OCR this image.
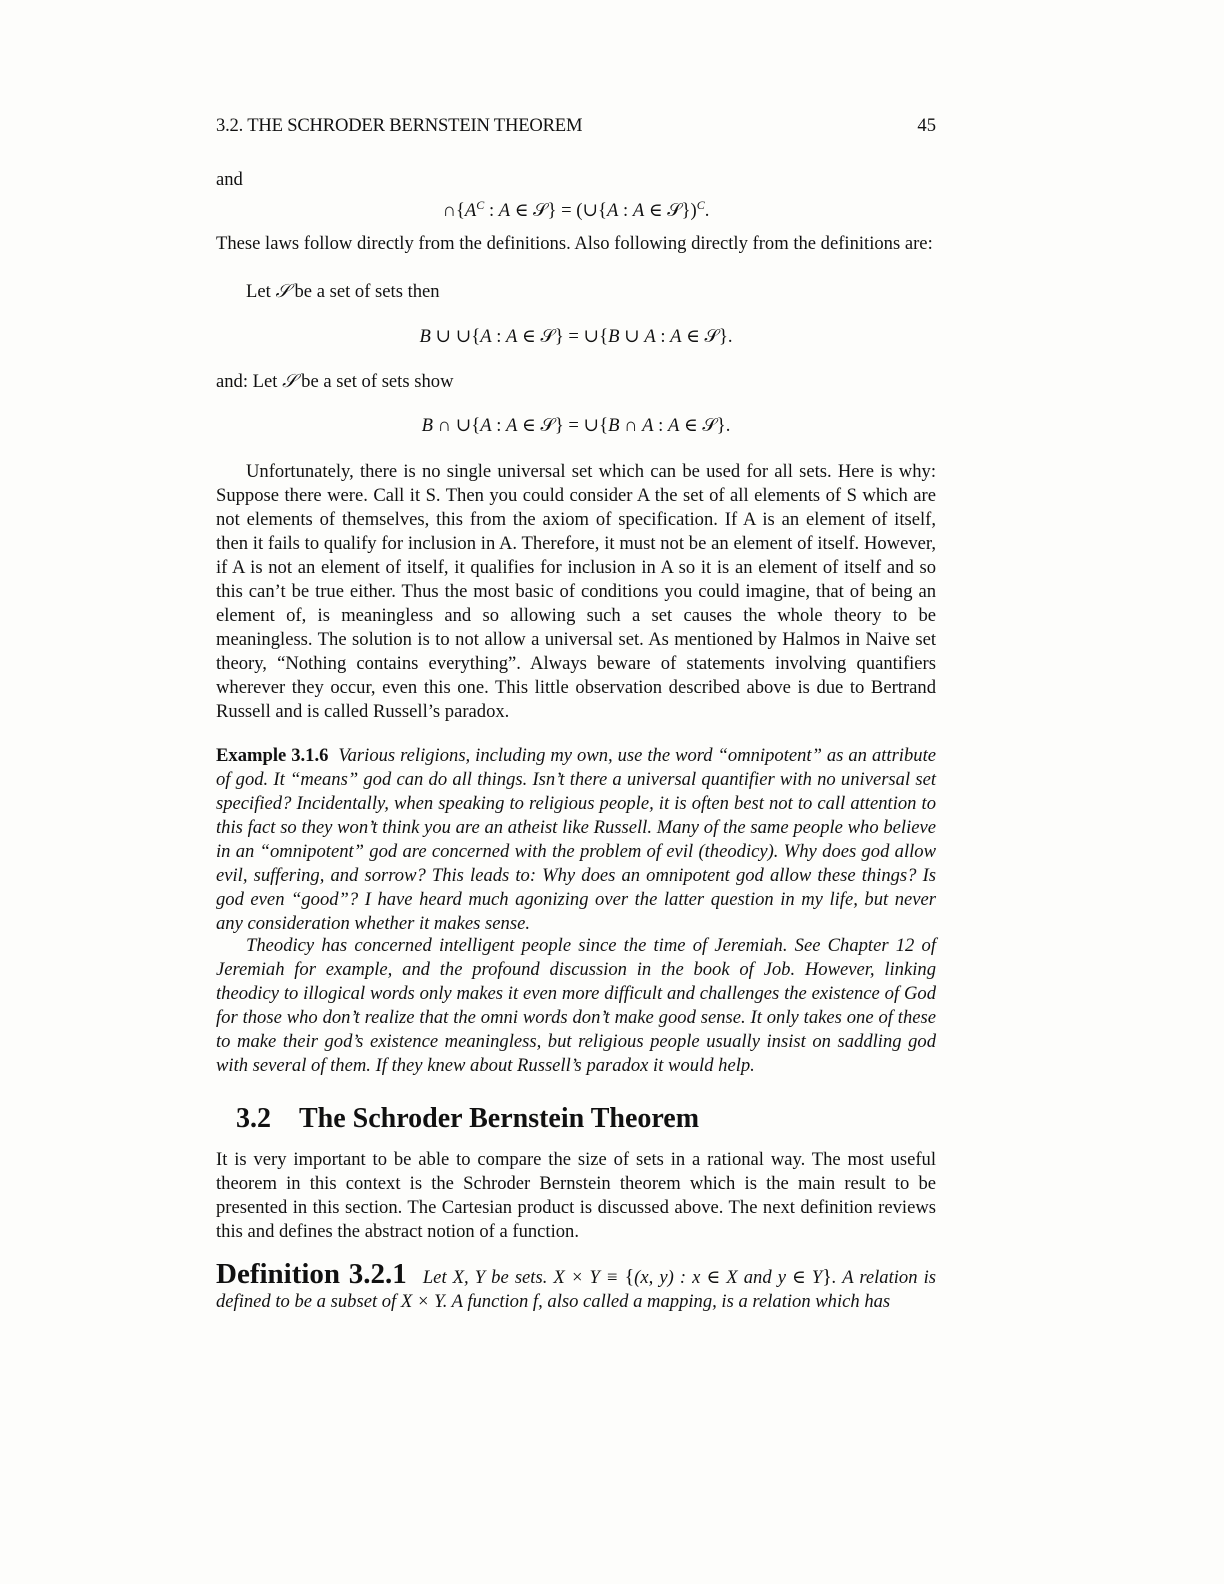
3.2. THE SCHRODER BERNSTEIN THEOREM	45
and
$\cap\{A^C$ : A ∈ 𝒮} = (∪{A : A ∈ 𝒮})$^C$.
These laws follow directly from the definitions. Also following directly from the definitions are:
Let 𝒮 be a set of sets then
B ∪ ∪{A : A ∈ 𝒮} = ∪{B ∪ A : A ∈ 𝒮}.
and: Let 𝒮 be a set of sets show
B ∩ ∪{A : A ∈ 𝒮} = ∪{B ∩ A : A ∈ 𝒮}.
Unfortunately, there is no single universal set which can be used for all sets. Here is why: Suppose there were. Call it S. Then you could consider A the set of all elements of S which are not elements of themselves, this from the axiom of specification. If A is an element of itself, then it fails to qualify for inclusion in A. Therefore, it must not be an element of itself. However, if A is not an element of itself, it qualifies for inclusion in A so it is an element of itself and so this can’t be true either. Thus the most basic of conditions you could imagine, that of being an element of, is meaningless and so allowing such a set causes the whole theory to be meaningless. The solution is to not allow a universal set. As mentioned by Halmos in Naive set theory, “Nothing contains everything”. Always beware of statements involving quantifiers wherever they occur, even this one. This little observation described above is due to Bertrand Russell and is called Russell’s paradox.
Example 3.1.6 Various religions, including my own, use the word “omnipotent” as an attribute of god. It “means” god can do all things. Isn’t there a universal quantifier with no universal set specified? Incidentally, when speaking to religious people, it is often best not to call attention to this fact so they won’t think you are an atheist like Russell. Many of the same people who believe in an “omnipotent” god are concerned with the problem of evil (theodicy). Why does god allow evil, suffering, and sorrow? This leads to: Why does an omnipotent god allow these things? Is god even “good”? I have heard much agonizing over the latter question in my life, but never any consideration whether it makes sense.
Theodicy has concerned intelligent people since the time of Jeremiah. See Chapter 12 of Jeremiah for example, and the profound discussion in the book of Job. However, linking theodicy to illogical words only makes it even more difficult and challenges the existence of God for those who don’t realize that the omni words don’t make good sense. It only takes one of these to make their god’s existence meaningless, but religious people usually insist on saddling god with several of them. If they knew about Russell’s paradox it would help.
3.2 The Schroder Bernstein Theorem
It is very important to be able to compare the size of sets in a rational way. The most useful theorem in this context is the Schroder Bernstein theorem which is the main result to be presented in this section. The Cartesian product is discussed above. The next definition reviews this and defines the abstract notion of a function.
Definition 3.2.1 Let X, Y be sets. X × Y ≡ {(x, y) : x ∈ X and y ∈ Y}. A relation is defined to be a subset of X × Y. A function f, also called a mapping, is a relation which has
